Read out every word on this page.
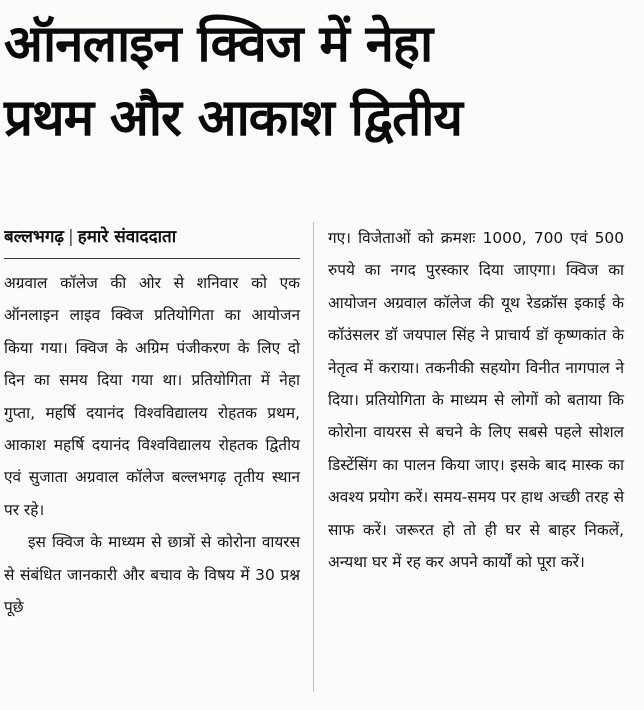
ऑनलाइन क्विज में नेहा
प्रथम और आकाश द्वितीय
बल्लभगढ़ | हमारे संवाददाता

अग्रवाल कॉलेज की ओर से शनिवार को एक ऑनलाइन लाइव क्विज प्रतियोगिता का आयोजन किया गया। क्विज के अग्रिम पंजीकरण के लिए दो दिन का समय दिया गया था। प्रतियोगिता में नेहा गुप्ता, महर्षि दयानंद विश्वविद्यालय रोहतक प्रथम, आकाश महर्षि दयानंद विश्वविद्यालय रोहतक द्वितीय एवं सुजाता अग्रवाल कॉलेज बल्लभगढ़ तृतीय स्थान पर रहे।

इस क्विज के माध्यम से छात्रों से कोरोना वायरस से संबंधित जानकारी और बचाव के विषय में 30 प्रश्न पूछे

गए। विजेताओं को क्रमशः 1000, 700 एवं 500 रुपये का नगद पुरस्कार दिया जाएगा। क्विज का आयोजन अग्रवाल कॉलेज की यूथ रेडक्रॉस इकाई के कॉउंसलर डॉ जयपाल सिंह ने प्राचार्य डॉ कृष्णकांत के नेतृत्व में कराया। तकनीकी सहयोग विनीत नागपाल ने दिया। प्रतियोगिता के माध्यम से लोगों को बताया कि कोरोना वायरस से बचने के लिए सबसे पहले सोशल डिस्टेंसिंग का पालन किया जाए। इसके बाद मास्क का अवश्य प्रयोग करें। समय-समय पर हाथ अच्छी तरह से साफ करें। जरूरत हो तो ही घर से बाहर निकलें, अन्यथा घर में रह कर अपने कार्यों को पूरा करें।
